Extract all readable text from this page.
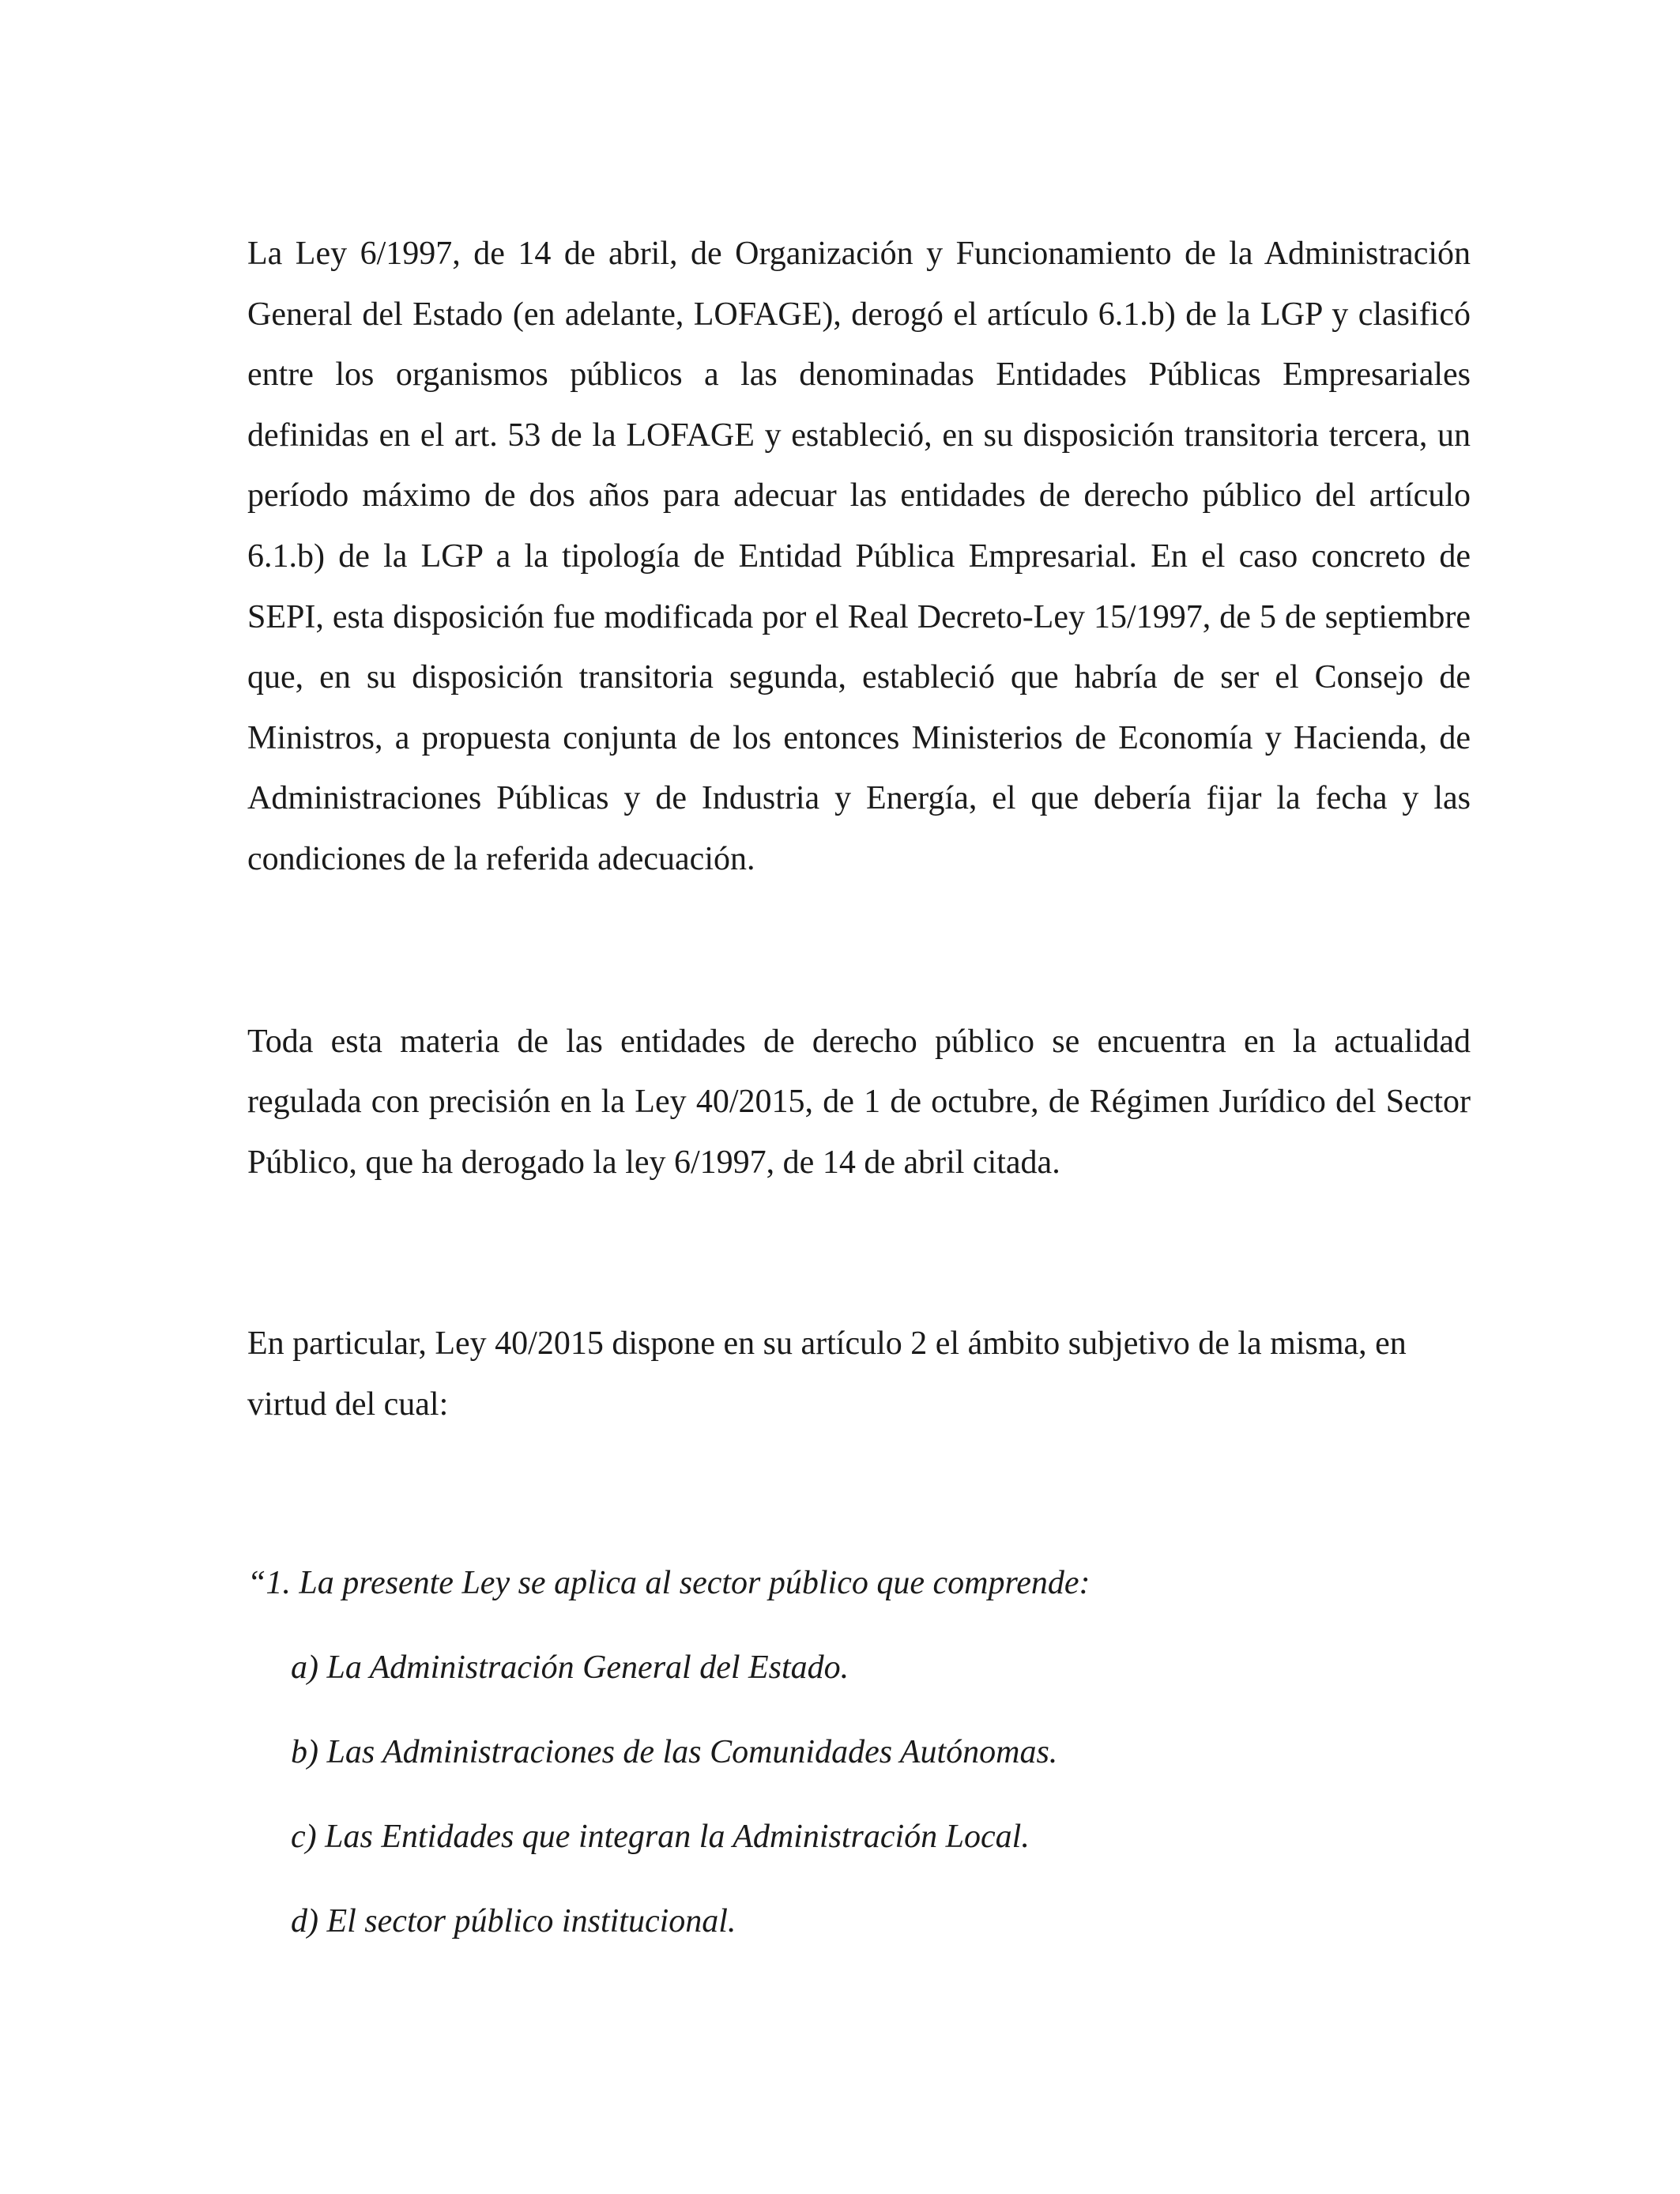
La Ley 6/1997, de 14 de abril, de Organización y Funcionamiento de la Administración General del Estado (en adelante, LOFAGE), derogó el artículo 6.1.b) de la LGP y clasificó entre los organismos públicos a las denominadas Entidades Públicas Empresariales definidas en el art. 53 de la LOFAGE y estableció, en su disposición transitoria tercera, un período máximo de dos años para adecuar las entidades de derecho público del artículo 6.1.b) de la LGP a la tipología de Entidad Pública Empresarial. En el caso concreto de SEPI, esta disposición fue modificada por el Real Decreto-Ley 15/1997, de 5 de septiembre que, en su disposición transitoria segunda, estableció que habría de ser el Consejo de Ministros, a propuesta conjunta de los entonces Ministerios de Economía y Hacienda, de Administraciones Públicas y de Industria y Energía, el que debería fijar la fecha y las condiciones de la referida adecuación.

Toda esta materia de las entidades de derecho público se encuentra en la actualidad regulada con precisión en la Ley 40/2015, de 1 de octubre, de Régimen Jurídico del Sector Público, que ha derogado la ley 6/1997, de 14 de abril citada.

En particular, Ley 40/2015 dispone en su artículo 2 el ámbito subjetivo de la misma, en virtud del cual:

“1. La presente Ley se aplica al sector público que comprende:

a) La Administración General del Estado.
b) Las Administraciones de las Comunidades Autónomas.
c) Las Entidades que integran la Administración Local.
d) El sector público institucional.
